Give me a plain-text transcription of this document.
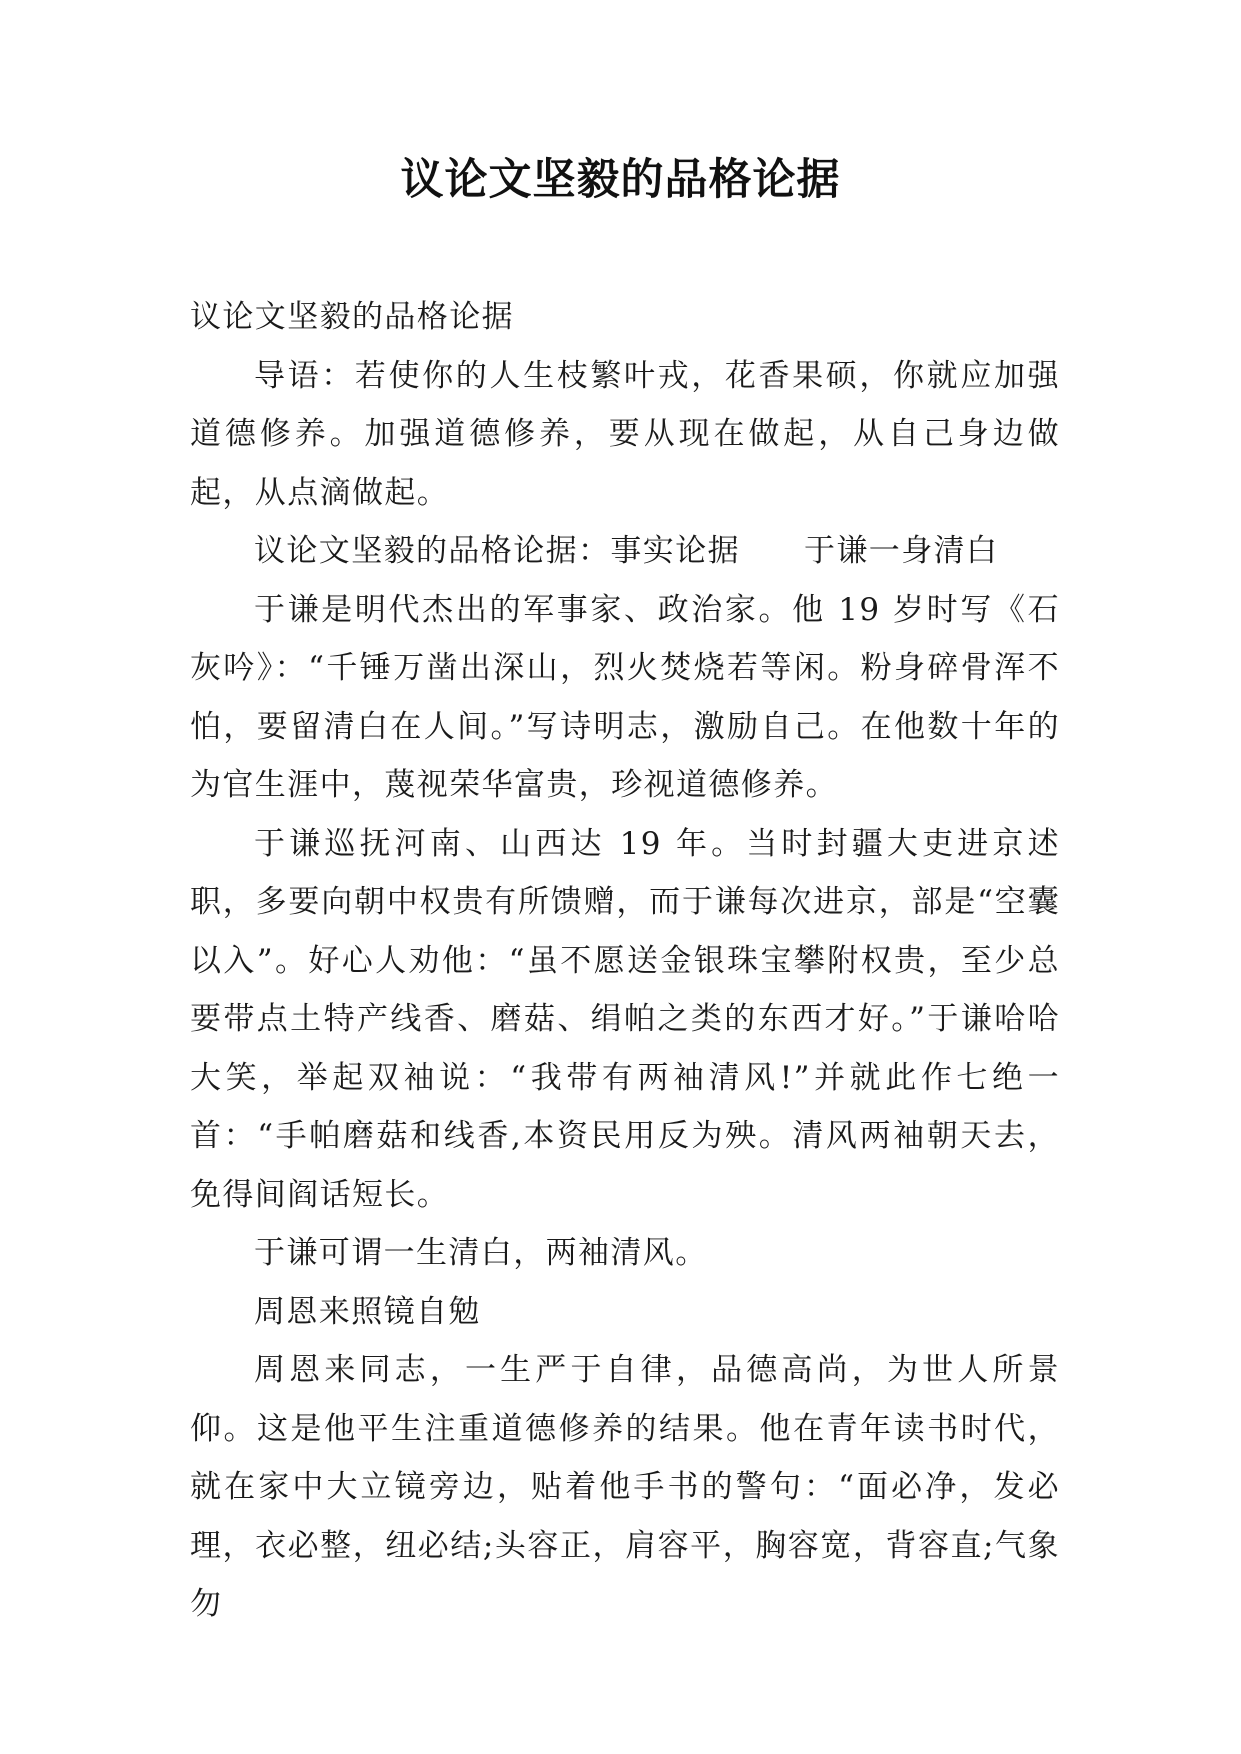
议论文坚毅的品格论据

议论文坚毅的品格论据

导语：若使你的人生枝繁叶戎，花香果硕，你就应加强道德修养。加强道德修养，要从现在做起，从自己身边做起，从点滴做起。

议论文坚毅的品格论据：事实论据 于谦一身清白

于谦是明代杰出的军事家、政治家。他 19 岁时写《石灰吟》：“千锤万凿出深山，烈火焚烧若等闲。粉身碎骨浑不怕，要留清白在人间。”写诗明志，激励自己。在他数十年的为官生涯中，蔑视荣华富贵，珍视道德修养。

于谦巡抚河南、山西达 19 年。当时封疆大吏进京述职，多要向朝中权贵有所馈赠，而于谦每次进京，部是“空囊以入”。好心人劝他：“虽不愿送金银珠宝攀附权贵，至少总要带点土特产线香、磨菇、绢帕之类的东西才好。”于谦哈哈大笑，举起双袖说：“我带有两袖清风!”并就此作七绝一首：“手帕磨菇和线香,本资民用反为殃。清风两袖朝天去，免得间阎话短长。

于谦可谓一生清白，两袖清风。

周恩来照镜自勉

周恩来同志，一生严于自律，品德高尚，为世人所景仰。这是他平生注重道德修养的结果。他在青年读书时代，就在家中大立镜旁边，贴着他手书的警句：“面必净，发必理，衣必整，纽必结;头容正，肩容平，胸容宽，背容直;气象勿
